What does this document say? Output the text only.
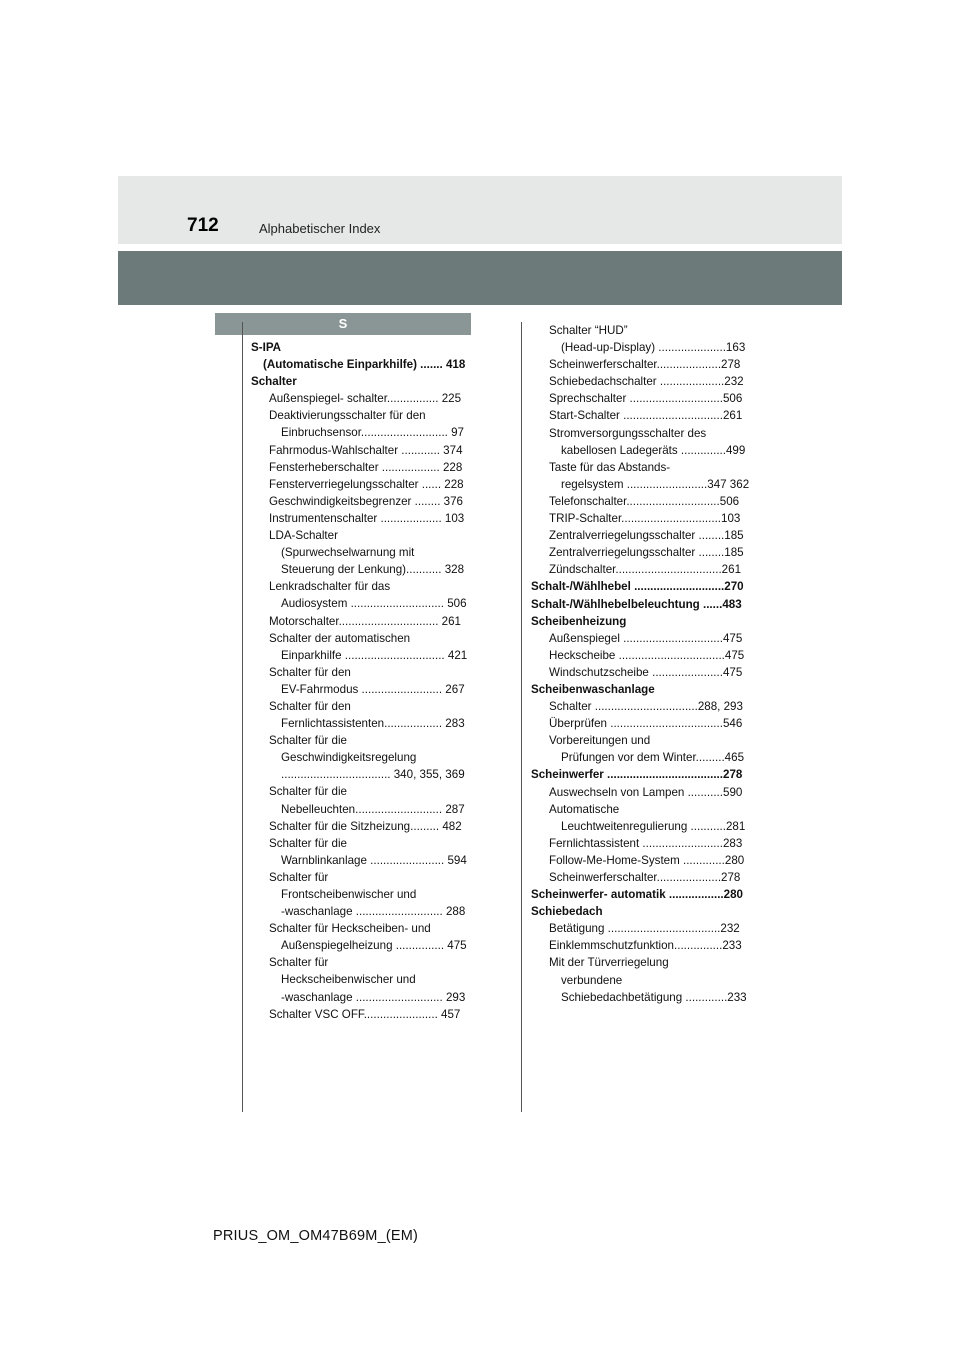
712	Alphabetischer Index
S
S-IPA
(Automatische Einparkhilfe) ....... 418
Schalter
Außenspiegel- schalter................ 225
Deaktivierungsschalter für den
Einbruchsensor........................... 97
Fahrmodus-Wahlschalter ............ 374
Fensterheberschalter .................. 228
Fensterverriegelungsschalter ...... 228
Geschwindigkeitsbegrenzer ........ 376
Instrumentenschalter ................... 103
LDA-Schalter
(Spurwechselwarnung mit
Steuerung der Lenkung)........... 328
Lenkradschalter für das
Audiosystem ............................. 506
Motorschalter............................... 261
Schalter der automatischen
Einparkhilfe ............................... 421
Schalter für den
EV-Fahrmodus ......................... 267
Schalter für den
Fernlichtassistenten.................. 283
Schalter für die
Geschwindigkeitsregelung
.................................. 340, 355, 369
Schalter für die
Nebelleuchten........................... 287
Schalter für die Sitzheizung......... 482
Schalter für die
Warnblinkanlage ....................... 594
Schalter für
Frontscheibenwischer und
-waschanlage ........................... 288
Schalter für Heckscheiben- und
Außenspiegelheizung ............... 475
Schalter für
Heckscheibenwischer und
-waschanlage ........................... 293
Schalter VSC OFF....................... 457
Schalter “HUD”
(Head-up-Display) .....................163
Scheinwerferschalter....................278
Schiebedachschalter ....................232
Sprechschalter .............................506
Start-Schalter ...............................261
Stromversorgungsschalter des
kabellosen Ladegeräts ..............499
Taste für das Abstands-
regelsystem .........................347 362
Telefonschalter.............................506
TRIP-Schalter...............................103
Zentralverriegelungsschalter ........185
Zentralverriegelungsschalter ........185
Zündschalter.................................261
Schalt-/Wählhebel ............................270
Schalt-/Wählhebelbeleuchtung ......483
Scheibenheizung
Außenspiegel ...............................475
Heckscheibe .................................475
Windschutzscheibe ......................475
Scheibenwaschanlage
Schalter ................................288, 293
Überprüfen ...................................546
Vorbereitungen und
Prüfungen vor dem Winter.........465
Scheinwerfer ....................................278
Auswechseln von Lampen ...........590
Automatische
Leuchtweitenregulierung ...........281
Fernlichtassistent .........................283
Follow-Me-Home-System .............280
Scheinwerferschalter....................278
Scheinwerfer- automatik .................280
Schiebedach
Betätigung ...................................232
Einklemmschutzfunktion...............233
Mit der Türverriegelung
verbundene
Schiebedachbetätigung .............233
PRIUS_OM_OM47B69M_(EM)
